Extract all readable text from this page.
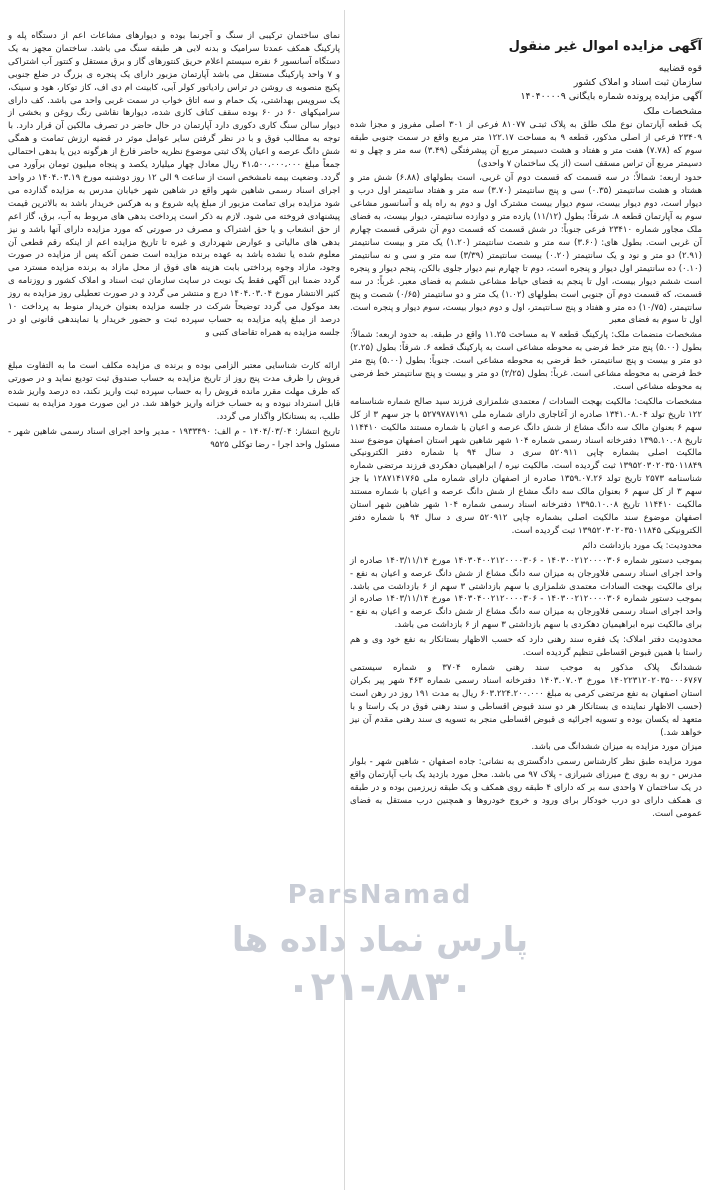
آگهی مزایده اموال غیر منقول

قوه قضاییه

سازمان ثبت اسناد و املاک کشور

آگهی مزایده پرونده شماره بایگانی ۱۴۰۴۰۰۰۰۹

مشخصات ملک

یک قطعه آپارتمان نوع ملک طلق به پلاک ثبتـی ۸۱۰۷۷ فرعی از ۳۰۱ اصلی مفروز و مجزا شده ۲۳۴۰۹ فرعی از اصلی مذکور، قطعه ۹ به مساحت ۱۲۲.۱۷ متر مربع واقع در سمت جنوبی طبقه سوم که (۷.۷۸) هفت متر و هفتاد و هشت دسیمتر مربع آن پیشرفتگی (۳.۴۹) سه متر و چهل و نه دسیمتر مربع آن تراس مسقف است (از یک ساختمان ۷ واحدی)

حدود اربعه: شمالاً: در سه قسمت که قسمت دوم آن غربی، است بطولهای (۶.۸۸) شش متر و هشتاد و هشت سانتیمتر (۰.۳۵) سی و پنج سانتیمتر (۳.۷۰) سه متر و هفتاد سانتیمتر اول درب و دیوار است، دوم دیوار بیست، سوم دیوار بیست مشترک اول و دوم به راه پله و آسانسور مشاعی سوم به آپارتمان قطعه ۸. شرقاً: بطول (۱۱/۱۲) یازده متر و دوازده سانتیمتر، دیوار بیست، به فضای ملک مجاور شماره ۲۳۴۱۰ فرعی جنوباً: در شش قسمت که قسمت دوم آن شرقی قسمت چهارم آن غربی است. بطول های: (۳.۶۰) سه متر و شصت سانتیمتر (۱.۲۰) یک متر و بیست سانتیمتر (۲.۹۱) دو متر و نود و یک سانتیمتر (۰.۲۰) بیست سانتیمتر (۳/۳۹) سه متر و سی و نه سانتیمتر (۰.۱۰) ده سانتیمتر اول دیوار و پنجره است، دوم تا چهارم نیم دیوار جلوی بالکن، پنجم دیوار و پنجره است ششم دیوار بیست، اول تا پنجم به فضای حیاط مشاعی ششم به فضای معبر. غرباً: در سه قسمت، که قسمت دوم آن جنوبی است بطولهای (۱.۰۲) یک متر و دو سانتیمتر (۰/۶۵) شصت و پنج سانتیمتر، (۱۰/۷۵) ده متر و هفتاد و پنج سـانتیمتر، اول و دوم دیوار بیست، سوم دیوار و پنجره است. اول تا سوم به فضای معبر

مشخصات منضمات ملک: پارکینگ قطعه ۷ به مساحت ۱۱.۲۵ واقع در طبقه. به حدود اربعه: شمالاً: بطول (۵.۰۰) پنج متر خط فرضی به محوطه مشاعی است به پارکینگ قطعه ۶. شرقاً: بطول (۲.۲۵) دو متر و بیست و پنج سانتیمتر، خط فرضی به محوطه مشاعی است. جنوباً: بطول (۵.۰۰) پنج متر خط فرضی به محوطه مشاعی است. غرباً: بطول (۲/۲۵) دو متر و بیست و پنج سانتیمتر خط فرضی به محوطه مشاعی است.

مشخصات مالکیت: مالکیت بهجت السادات / معتمدی شلمزاری فرزند سید صالح شماره شناسنامه ۱۲۲ تاریخ تولد ۱۳۴۱.۰۸.۰۴ صادره از آغاجاری دارای شماره ملی ۵۲۷۹۷۸۷۱۹۱ با جز سهم ۳ از کل سهم ۶ بعنوان مالک سه دانگ مشاع از شش دانگ عرصه و اعیان با شماره مستند مالکیت ۱۱۴۴۱۰ تاریخ ۱۳۹۵.۱۰.۰۸ دفترخانه اسناد رسمی شماره ۱۰۴ شهر شاهین شهر استان اصفهان موضوع سند مالکیت اصلی بشماره چاپی ۵۲۰۹۱۱ سری د سال ۹۴ با شماره دفتر الکترونیکی ۱۳۹۵۲۰۳۰۲۰۳۵۰۱۱۸۴۹ ثبت گردیده است. مالکیت نیره / ابراهیمیان دهکردی فرزند مرتضی شماره شناسنامه ۲۵۷۳ تاریخ تولد ۱۳۵۹.۰۷.۲۶ صادره از اصفهان دارای شماره ملی ۱۲۸۷۱۴۱۷۶۵ با جز سهم ۳ از کل سهم ۶ بعنوان مالک سه دانگ مشاع از شش دانگ عرصه و اعیان با شماره مستند مالکیت ۱۱۴۴۱۰ تاریخ ۱۳۹۵.۱۰.۰۸ دفترخانه اسناد رسمی شماره ۱۰۴ شهر شاهین شهر استان اصفهان موضوع سند مالکیت اصلی بشماره چاپی ۵۲۰۹۱۲ سری د سال ۹۴ با شماره دفتر الکترونیکی ۱۳۹۵۲۰۳۰۲۰۳۵۰۱۱۸۴۵ ثبت گردیده است.

محدودیت: یک مورد بازداشت دائم

بموجب دستور شماره ۱۴۰۳۰۰۲۱۲۰۰۰۰۳۰۶ - ۱۴۰۳۰۴۰۰۲۱۲۰۰۰۰۳۰۶ مورخ ۱۴۰۳/۱۱/۱۴ صادره از واحد اجرای اسناد رسمی فلاورجان به میزان سه دانگ مشاع از شش دانگ عرصه و اعیان به نفع - برای مالکیت بهجت السادات معتمدی شلمزاری با سهم بازداشتی ۳ سهم از ۶ بازداشت می باشد. بموجب دستور شماره ۱۴۰۳۰۰۲۱۲۰۰۰۰۳۰۶ - ۱۴۰۳۰۴۰۰۲۱۲۰۰۰۰۳۰۶ مورخ ۱۴۰۳/۱۱/۱۴ صادره از واحد اجرای اسناد رسمی فلاورجان به میزان سه دانگ مشاع از شش دانگ عرصه و اعیان به نفع - برای مالکیت نیره ابراهیمیان دهکردی با سهم بازداشتی ۳ سهم از ۶ بازداشت می باشد.

محدودیت دفتر املاک: یک فقره سند رهنی دارد که حسب الاظهار بستانکار به نفع خود وی و هم راستا با همین قبوض اقساطی تنظیم گردیده است.

ششدانگ پلاک مذکور به موجب سند رهنی شماره ۳۷۰۴ و شماره سیستمی ۱۴۰۲۲۳۱۲۰۲۰۳۵۰۰۰۶۷۶۷ مورخ ۱۴۰۳.۰۷.۰۳ دفترخانه اسناد رسمی شماره ۴۶۳ شهر پیر بکران استان اصفهان به نفع مرتضی کرمی به مبلغ ۶۰۳.۲۲۴.۲۰۰.۰۰۰ ریال به مدت ۱۹۱ روز در رهن است (حسب الاظهار نماینده ی بستانکار هر دو سند قبوض اقساطی و سند رهنی فوق در یک راستا و با متعهد له یکسان بوده و تسویه اجرائیه ی قبوض اقساطی منجر به تسویه ی سند رهنی مقدم آن نیز خواهد شد.)

میزان مورد مزایده به میزان ششدانگ می باشد.

مورد مزایده طبق نظر کارشناس رسمی دادگستری به نشانی: جاده اصفهان - شاهین شهر - بلوار مدرس - رو به روی خ میرزای شیرازی - پلاک ۹۷ می باشد. محل مورد بازدید یک باب آپارتمان واقع در یک ساختمان ۷ واحدی سه بر که دارای ۴ طبقه روی همکف و یک طبقه زیرزمین بوده و در طبقه ی همکف دارای دو درب خودکار برای ورود و خروج خودروها و همچنین درب مستقل به فضای عمومی است.

نمای ساختمان ترکیبی از سنگ و آجرنما بوده و دیوارهای مشاعات اعم از دستگاه پله و پارکینگ همکف عمدتا سرامیک و بدنه لابی هر طبقه سنگ می باشد. ساختمان مجهز به یک دستگاه آسانسور ۶ نفره سیستم اعلام حریق کنتورهای گاز و برق مستقل و کنتور آب اشتراکی و ۷ واحد پارکینگ مستقل می باشد آپارتمان مزبور دارای یک پنجره ی بزرگ در ضلع جنوبی پکیج منصوبه ی روشن در تراس رادیاتور کولر آبی، کابینت ام دی اف، کاز توکار، هود و سینک، یک سرویس بهداشتی، یک حمام و سه اتاق خواب در سمت غربی واحد می باشد. کف دارای سرامیکهای ۶۰ در ۶۰ بوده سقف کناف کاری شده، دیوارها نقاشی رنگ روغن و بخشی از دیوار سالن سنگ کاری دکوری دارد آپارتمان در حال حاضر در تصرف مالکین آن قرار دارد. با توجه به مطالب فوق و با در نظر گرفتن سایر عوامل موثر در قضیه ارزش تمامت و همگی شش دانگ عرصه و اعیان پلاک ثبتی موضوع نظریه حاضر فارغ از هرگونه دین یا بدهی احتمالی جمعاً مبلغ ۴۱،۵۰۰،۰۰۰،۰۰۰ ریال معادل چهار میلیارد یکصد و پنجاه میلیون تومان برآورد می گردد. وضعیت بیمه نامشخص است از ساعت ۹ الی ۱۲ روز دوشنبه مورخ ۱۴۰۴.۰۳.۱۹ در واحد اجرای اسناد رسمی شاهین شهر واقع در شاهین شهر خیابان مدرس به مزایده گذارده می شود مزایده برای تمامت مزبور از مبلغ پایه شروع و به هرکس خریدار باشد به بالاترین قیمت پیشنهادی فروخته می شود. لازم به ذکر است پرداخت بدهی های مربوط به آب، برق، گاز اعم از حق انشعاب و یا حق اشتراک و مصرف در صورتی که مورد مزایده دارای آنها باشد و نیز بدهی های مالیاتی و عوارض شهرداری و غیره تا تاریخ مزایده اعم از اینکه رقم قطعی آن معلوم شده یا نشده باشد به عهده برنده مزایده است ضمن آنکه پس از مزایده در صورت وجود، مازاد وجوه پرداختی بابت هزینه های فوق از محل مازاد به برنده مزایده مسترد می گردد ضمنا این آگهی فقط یک نوبت در سایت سازمان ثبت اسناد و املاک کشور و روزنامه ی کثیر الانتشار مورخ ۱۴۰۴.۰۳.۰۴ درج و منتشر می گردد و در صورت تعطیلی روز مزایده به روز بعد موکول می گردد توضیحاً شرکت در جلسه مزایده بعنوان خریدار منوط به پرداخت ۱۰ درصد از مبلغ پایه مزایده به حساب سپرده ثبت و حضور خریدار یا نمایندهی قانونی او در جلسه مزایده به همراه تقاضای کتبی و

ارائه کارت شناسایی معتبر الزامی بوده و برنده ی مزایده مکلف است ما به التفاوت مبلغ فروش را ظرف مدت پنج روز از تاریخ مزایده به حساب صندوق ثبت تودیع نماید و در صورتی که ظرف مهلت مقرر مانده فروش را به حساب سپرده ثبت واریز نکند، ده درصد واریز شده قابل استرداد نبوده و به حساب خزانه واریز خواهد شد. در این صورت مورد مزایده به نسبت طلب، به بستانکار واگذار می گردد.

تاریخ انتشار: ۱۴۰۴/۰۳/۰۴ - م الف: ۱۹۳۳۴۹۰ - مدیر واحد اجرای اسناد رسمی شاهین شهر - مسئول واحد اجرا - رضا توکلی ۹۵۲۵

ParsNamad
پارس نماد داده ها
۰۲۱-۸۸۳۰
